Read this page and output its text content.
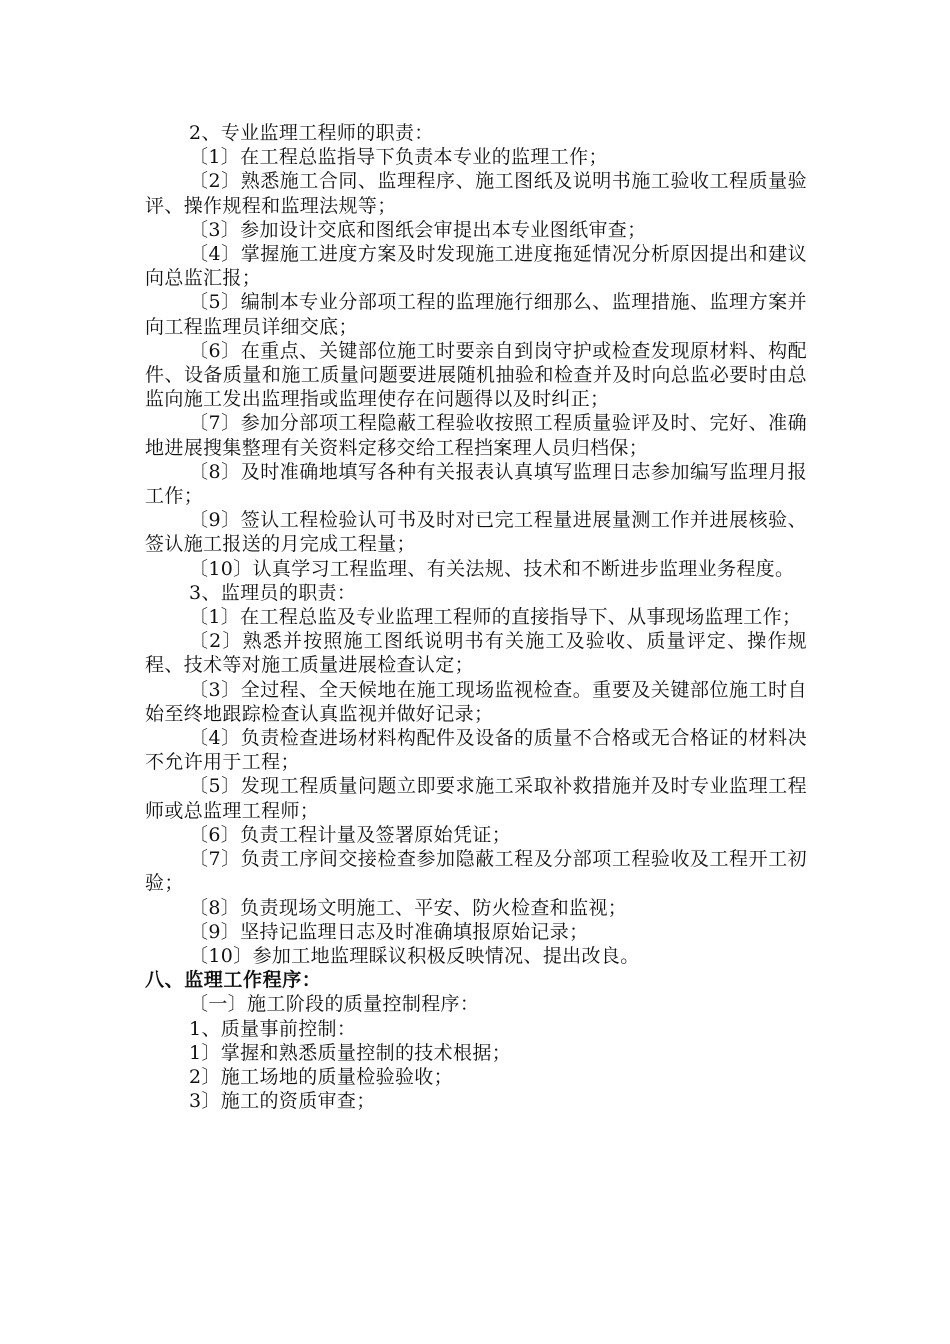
2、专业监理工程师的职责：

〔1〕在工程总监指导下负责本专业的监理工作；

〔2〕熟悉施工合同、监理程序、施工图纸及说明书施工验收工程质量验评、操作规程和监理法规等；

〔3〕参加设计交底和图纸会审提出本专业图纸审查；

〔4〕掌握施工进度方案及时发现施工进度拖延情况分析原因提出和建议向总监汇报；

〔5〕编制本专业分部项工程的监理施行细那么、监理措施、监理方案并向工程监理员详细交底；

〔6〕在重点、关键部位施工时要亲自到岗守护或检查发现原材料、构配件、设备质量和施工质量问题要进展随机抽验和检查并及时向总监必要时由总监向施工发出监理指或监理使存在问题得以及时纠正；

〔7〕参加分部项工程隐蔽工程验收按照工程质量验评及时、完好、准确地进展搜集整理有关资料定移交给工程挡案理人员归档保；

〔8〕及时准确地填写各种有关报表认真填写监理日志参加编写监理月报工作；

〔9〕签认工程检验认可书及时对已完工程量进展量测工作并进展核验、签认施工报送的月完成工程量；

〔10〕认真学习工程监理、有关法规、技术和不断进步监理业务程度。

3、监理员的职责：

〔1〕在工程总监及专业监理工程师的直接指导下、从事现场监理工作；

〔2〕熟悉并按照施工图纸说明书有关施工及验收、质量评定、操作规程、技术等对施工质量进展检查认定；

〔3〕全过程、全天候地在施工现场监视检查。重要及关键部位施工时自始至终地跟踪检查认真监视并做好记录；

〔4〕负责检查进场材料构配件及设备的质量不合格或无合格证的材料决不允许用于工程；

〔5〕发现工程质量问题立即要求施工采取补救措施并及时专业监理工程师或总监理工程师；

〔6〕负责工程计量及签署原始凭证；

〔7〕负责工序间交接检查参加隐蔽工程及分部项工程验收及工程开工初验；

〔8〕负责现场文明施工、平安、防火检查和监视；

〔9〕坚持记监理日志及时准确填报原始记录；

〔10〕参加工地监理睬议积极反映情况、提出改良。

八、监理工作程序：

〔一〕施工阶段的质量控制程序：

1、质量事前控制：

1〕掌握和熟悉质量控制的技术根据；

2〕施工场地的质量检验验收；

3〕施工的资质审查；
